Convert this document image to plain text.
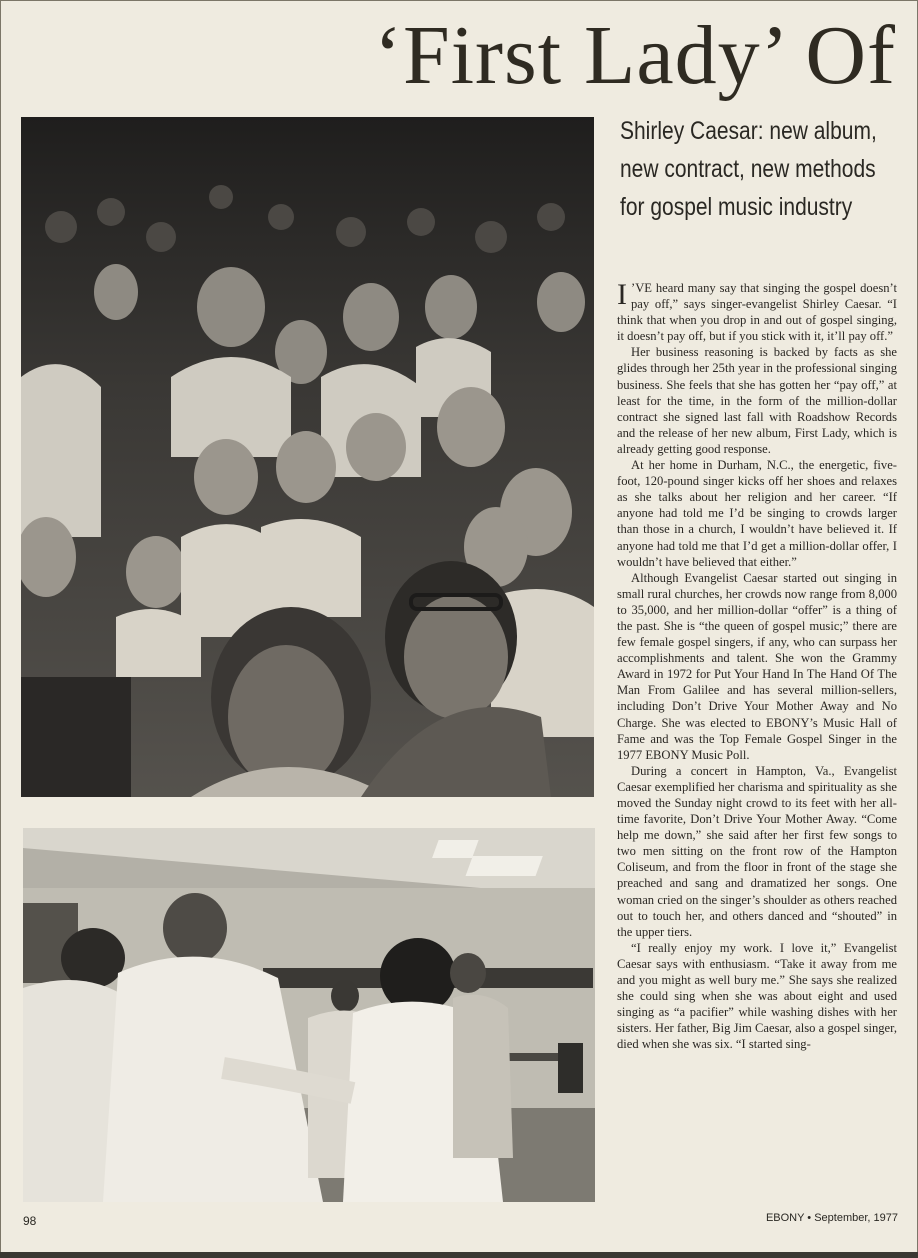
‘First Lady’ Of
Shirley Caesar: new album, new contract, new methods for gospel music industry

I ’VE heard many say that singing the gospel doesn’t pay off,” says singer-evangelist Shirley Caesar. “I think that when you drop in and out of gospel singing, it doesn’t pay off, but if you stick with it, it’ll pay off.”

Her business reasoning is backed by facts as she glides through her 25th year in the professional singing business. She feels that she has gotten her “pay off,” at least for the time, in the form of the million-dollar contract she signed last fall with Roadshow Records and the release of her new album, First Lady, which is already getting good response.

At her home in Durham, N.C., the energetic, five-foot, 120-pound singer kicks off her shoes and relaxes as she talks about her religion and her career. “If anyone had told me I’d be singing to crowds larger than those in a church, I wouldn’t have believed it. If anyone had told me that I’d get a million-dollar offer, I wouldn’t have believed that either.”

Although Evangelist Caesar started out singing in small rural churches, her crowds now range from 8,000 to 35,000, and her million-dollar “offer” is a thing of the past. She is “the queen of gospel music;” there are few female gospel singers, if any, who can surpass her accomplishments and talent. She won the Grammy Award in 1972 for Put Your Hand In The Hand Of The Man From Galilee and has several million-sellers, including Don’t Drive Your Mother Away and No Charge. She was elected to EBONY’s Music Hall of Fame and was the Top Female Gospel Singer in the 1977 EBONY Music Poll.

During a concert in Hampton, Va., Evangelist Caesar exemplified her charisma and spirituality as she moved the Sunday night crowd to its feet with her all-time favorite, Don’t Drive Your Mother Away. “Come help me down,” she said after her first few songs to two men sitting on the front row of the Hampton Coliseum, and from the floor in front of the stage she preached and sang and dramatized her songs. One woman cried on the singer’s shoulder as others reached out to touch her, and others danced and “shouted” in the upper tiers.

“I really enjoy my work. I love it,” Evangelist Caesar says with enthusiasm. “Take it away from me and you might as well bury me.” She says she realized she could sing when she was about eight and used singing as “a pacifier” while washing dishes with her sisters. Her father, Big Jim Caesar, also a gospel singer, died when she was six. “I started sing-

98	EBONY • September, 1977
